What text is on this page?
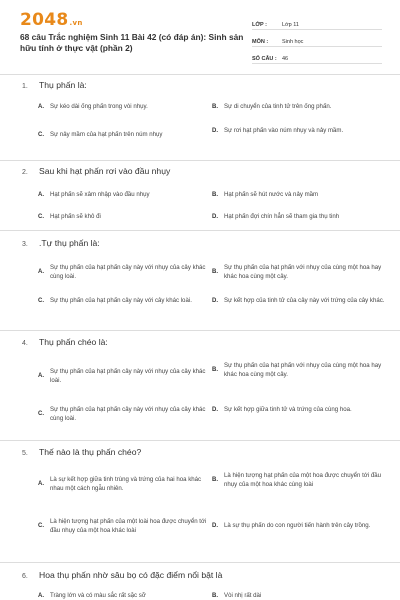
2048.vn
68 câu Trắc nghiệm Sinh 11 Bài 42 (có đáp án): Sinh sản hữu tính ở thực vật (phần 2)
LỚP :	Lớp 11
MÔN :	Sinh học
SỐ CÂU : 46
1. Thụ phấn là:
A. Sự kéo dài ống phấn trong vòi nhụy.	B. Sự di chuyển của tinh tử trên ống phấn.
C. Sự nảy mầm của hạt phấn trên núm nhụy
D. Sự rơi hạt phấn vào núm nhụy và nảy mầm.
2. Sau khi hạt phấn rơi vào đầu nhụy
A. Hạt phấn sẽ xâm nhập vào đầu nhụy	B. Hạt phấn sẽ hút nước và nảy mầm
C. Hạt phấn sẽ khô đi	D. Hạt phấn đợi chín hẳn sẽ tham gia thụ tinh
3. .Tự thụ phấn là:
A.
Sự thụ phấn của hạt phấn cây này với nhụy của cây khác cùng loài.
B.
Sự thụ phấn của hạt phấn với nhụy của cùng một hoa hay khác hoa cùng một cây.
C. Sự thụ phấn của hạt phấn cây này với cây khác loài.	D. Sự kết hợp của tinh tử của cây này với trứng của cây khác.
4. Thụ phấn chéo là:
A.
Sự thụ phấn của hạt phấn cây này với nhụy của cây khác loài.
B.
Sự thụ phấn của hạt phấn với nhụy của cùng một hoa hay khác hoa cùng một cây.
C.
Sự thụ phấn của hạt phấn cây này với nhụy của cây khác cùng loài.
D. Sự kết hợp giữa tinh tử và trứng của cùng hoa.
5. Thế nào là thụ phấn chéo?
A.
Là sự kết hợp giữa tinh trùng và trứng của hai hoa khác nhau một cách ngẫu nhiên.
B.
Là hiện tượng hạt phấn của một hoa được chuyển tới đầu nhụy của một hoa khác cùng loài
C.
Là hiện tượng hạt phấn của một loài hoa được chuyển tới đầu nhụy của một hoa khác loài
D. Là sự thụ phấn do con người tiến hành trên cây trồng.
6. Hoa thụ phấn nhờ sâu bọ có đặc điểm nổi bật là
A. Tràng lớn và có màu sắc rất sặc sỡ	B. Vòi nhị rất dài
